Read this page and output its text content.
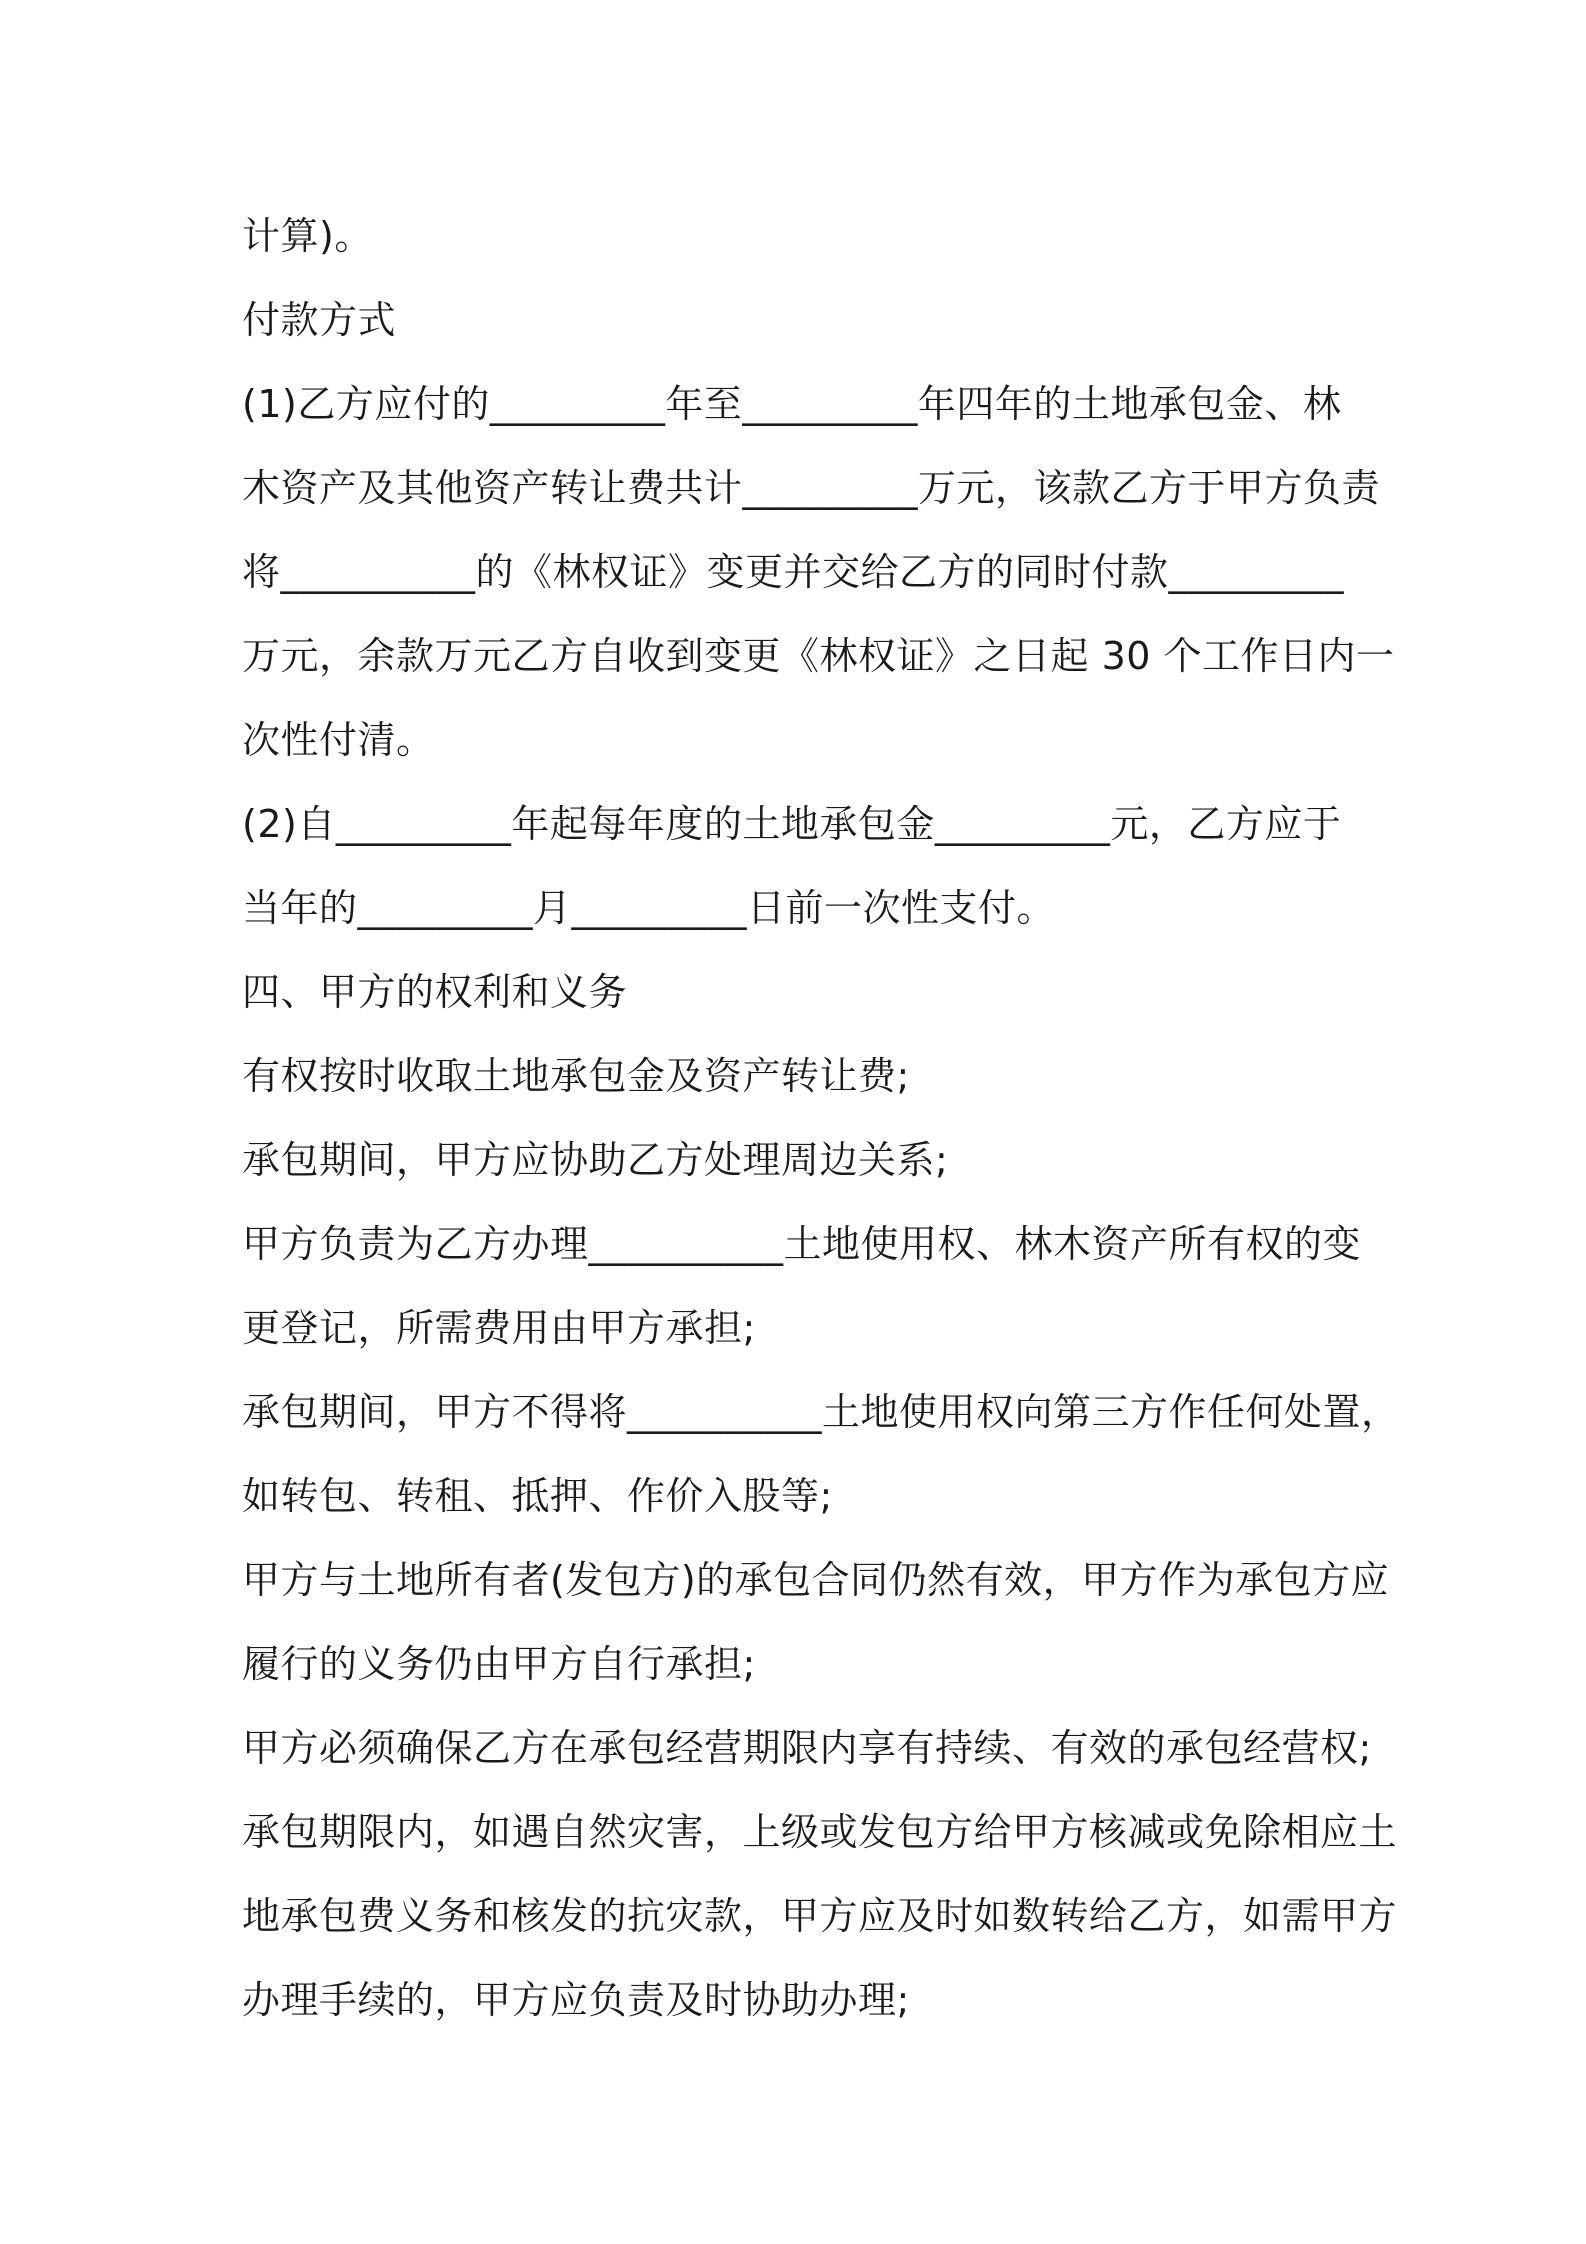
计算)。
付款方式
(1)乙方应付的_________年至_________年四年的土地承包金、林
木资产及其他资产转让费共计_________万元，该款乙方于甲方负责
将__________的《林权证》变更并交给乙方的同时付款_________
万元，余款万元乙方自收到变更《林权证》之日起 30 个工作日内一
次性付清。
(2)自_________年起每年度的土地承包金_________元，乙方应于
当年的_________月_________日前一次性支付。
四、甲方的权利和义务
有权按时收取土地承包金及资产转让费;
承包期间，甲方应协助乙方处理周边关系;
甲方负责为乙方办理__________土地使用权、林木资产所有权的变
更登记，所需费用由甲方承担;
承包期间，甲方不得将__________土地使用权向第三方作任何处置，
如转包、转租、抵押、作价入股等;
甲方与土地所有者(发包方)的承包合同仍然有效，甲方作为承包方应
履行的义务仍由甲方自行承担;
甲方必须确保乙方在承包经营期限内享有持续、有效的承包经营权;
承包期限内，如遇自然灾害，上级或发包方给甲方核减或免除相应土
地承包费义务和核发的抗灾款，甲方应及时如数转给乙方，如需甲方
办理手续的，甲方应负责及时协助办理;
